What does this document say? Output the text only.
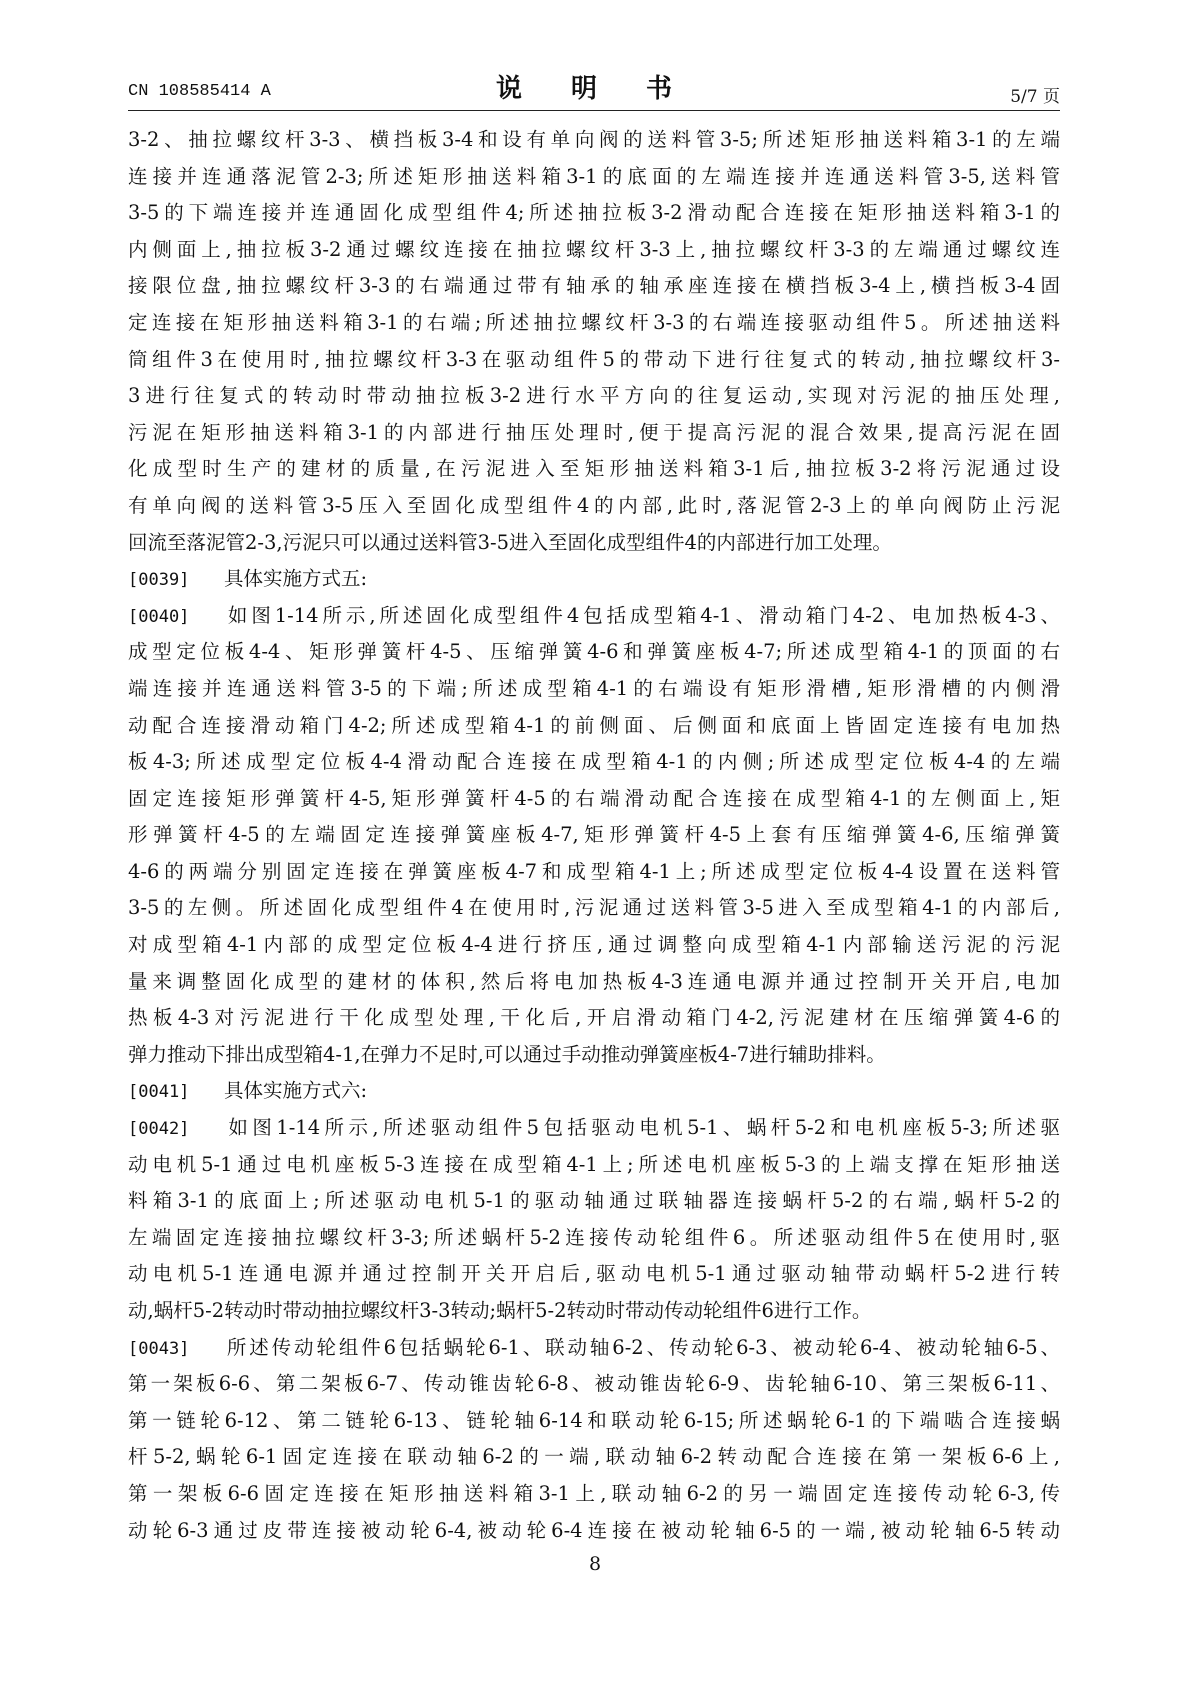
CN 108585414 A	说 明 书	5/7 页
3-2、抽拉螺纹杆3-3、横挡板3-4和设有单向阀的送料管3-5;所述矩形抽送料箱3-1的左端
连接并连通落泥管2-3;所述矩形抽送料箱3-1的底面的左端连接并连通送料管3-5,送料管
3-5的下端连接并连通固化成型组件4;所述抽拉板3-2滑动配合连接在矩形抽送料箱3-1的
内侧面上,抽拉板3-2通过螺纹连接在抽拉螺纹杆3-3上,抽拉螺纹杆3-3的左端通过螺纹连
接限位盘,抽拉螺纹杆3-3的右端通过带有轴承的轴承座连接在横挡板3-4上,横挡板3-4固
定连接在矩形抽送料箱3-1的右端;所述抽拉螺纹杆3-3的右端连接驱动组件5。所述抽送料
筒组件3在使用时,抽拉螺纹杆3-3在驱动组件5的带动下进行往复式的转动,抽拉螺纹杆3-
3进行往复式的转动时带动抽拉板3-2进行水平方向的往复运动,实现对污泥的抽压处理,
污泥在矩形抽送料箱3-1的内部进行抽压处理时,便于提高污泥的混合效果,提高污泥在固
化成型时生产的建材的质量,在污泥进入至矩形抽送料箱3-1后,抽拉板3-2将污泥通过设
有单向阀的送料管3-5压入至固化成型组件4的内部,此时,落泥管2-3上的单向阀防止污泥
回流至落泥管2-3,污泥只可以通过送料管3-5进入至固化成型组件4的内部进行加工处理。
[0039] 具体实施方式五:
[0040] 如图1-14所示,所述固化成型组件4包括成型箱4-1、滑动箱门4-2、电加热板4-3、
成型定位板4-4、矩形弹簧杆4-5、压缩弹簧4-6和弹簧座板4-7;所述成型箱4-1的顶面的右
端连接并连通送料管3-5的下端;所述成型箱4-1的右端设有矩形滑槽,矩形滑槽的内侧滑
动配合连接滑动箱门4-2;所述成型箱4-1的前侧面、后侧面和底面上皆固定连接有电加热
板4-3;所述成型定位板4-4滑动配合连接在成型箱4-1的内侧;所述成型定位板4-4的左端
固定连接矩形弹簧杆4-5,矩形弹簧杆4-5的右端滑动配合连接在成型箱4-1的左侧面上,矩
形弹簧杆4-5的左端固定连接弹簧座板4-7,矩形弹簧杆4-5上套有压缩弹簧4-6,压缩弹簧
4-6的两端分别固定连接在弹簧座板4-7和成型箱4-1上;所述成型定位板4-4设置在送料管
3-5的左侧。所述固化成型组件4在使用时,污泥通过送料管3-5进入至成型箱4-1的内部后,
对成型箱4-1内部的成型定位板4-4进行挤压,通过调整向成型箱4-1内部输送污泥的污泥
量来调整固化成型的建材的体积,然后将电加热板4-3连通电源并通过控制开关开启,电加
热板4-3对污泥进行干化成型处理,干化后,开启滑动箱门4-2,污泥建材在压缩弹簧4-6的
弹力推动下排出成型箱4-1,在弹力不足时,可以通过手动推动弹簧座板4-7进行辅助排料。
[0041] 具体实施方式六:
[0042] 如图1-14所示,所述驱动组件5包括驱动电机5-1、蜗杆5-2和电机座板5-3;所述驱
动电机5-1通过电机座板5-3连接在成型箱4-1上;所述电机座板5-3的上端支撑在矩形抽送
料箱3-1的底面上;所述驱动电机5-1的驱动轴通过联轴器连接蜗杆5-2的右端,蜗杆5-2的
左端固定连接抽拉螺纹杆3-3;所述蜗杆5-2连接传动轮组件6。所述驱动组件5在使用时,驱
动电机5-1连通电源并通过控制开关开启后,驱动电机5-1通过驱动轴带动蜗杆5-2进行转
动,蜗杆5-2转动时带动抽拉螺纹杆3-3转动;蜗杆5-2转动时带动传动轮组件6进行工作。
[0043] 所述传动轮组件6包括蜗轮6-1、联动轴6-2、传动轮6-3、被动轮6-4、被动轮轴6-5、
第一架板6-6、第二架板6-7、传动锥齿轮6-8、被动锥齿轮6-9、齿轮轴6-10、第三架板6-11、
第一链轮6-12、第二链轮6-13、链轮轴6-14和联动轮6-15;所述蜗轮6-1的下端啮合连接蜗
杆5-2,蜗轮6-1固定连接在联动轴6-2的一端,联动轴6-2转动配合连接在第一架板6-6上,
第一架板6-6固定连接在矩形抽送料箱3-1上,联动轴6-2的另一端固定连接传动轮6-3,传
动轮6-3通过皮带连接被动轮6-4,被动轮6-4连接在被动轮轴6-5的一端,被动轮轴6-5转动
8
